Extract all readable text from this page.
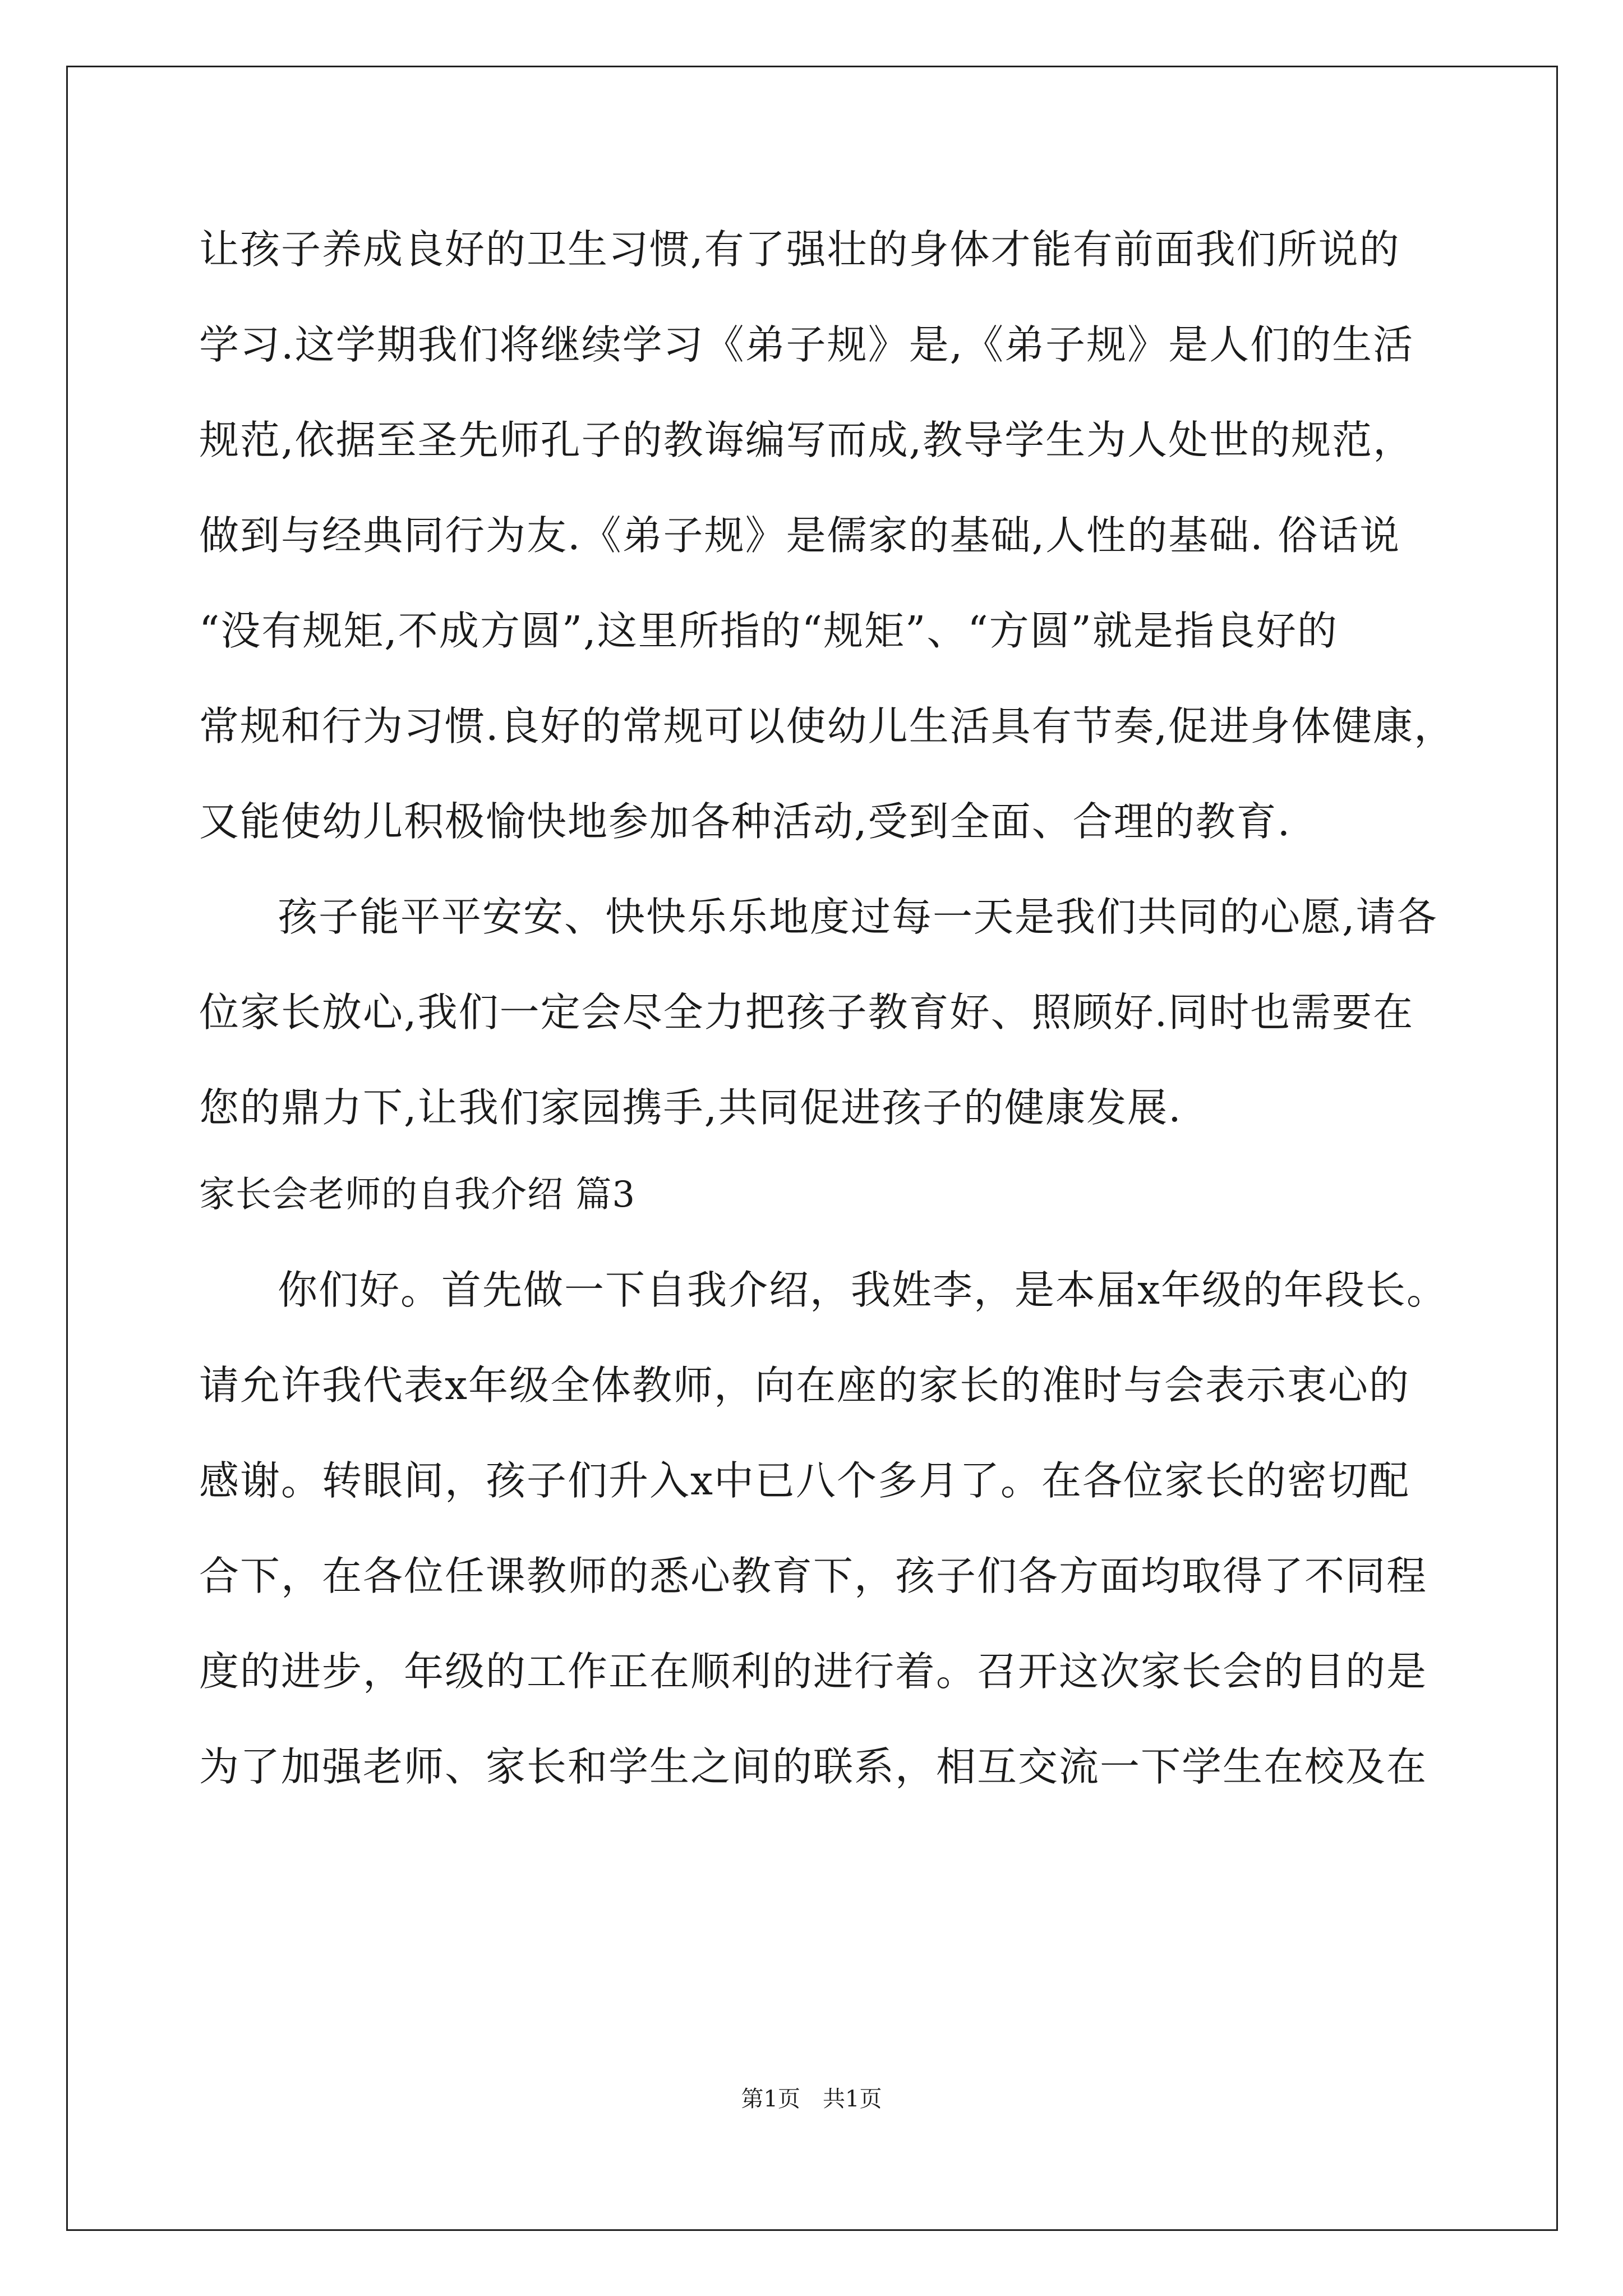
让孩子养成良好的卫生习惯,有了强壮的身体才能有前面我们所说的
学习.这学期我们将继续学习《弟子规》是,《弟子规》是人们的生活
规范,依据至圣先师孔子的教诲编写而成,教导学生为人处世的规范，
做到与经典同行为友.《弟子规》是儒家的基础,人性的基础. 俗话说
“没有规矩,不成方圆”,这里所指的“规矩”、“方圆”就是指良好的
常规和行为习惯.良好的常规可以使幼儿生活具有节奏,促进身体健康，
又能使幼儿积极愉快地参加各种活动,受到全面、合理的教育.
孩子能平平安安、快快乐乐地度过每一天是我们共同的心愿,请各
位家长放心,我们一定会尽全力把孩子教育好、照顾好.同时也需要在
您的鼎力下,让我们家园携手,共同促进孩子的健康发展.
家长会老师的自我介绍 篇3
你们好。首先做一下自我介绍，我姓李，是本届x年级的年段长。
请允许我代表x年级全体教师，向在座的家长的准时与会表示衷心的
感谢。转眼间，孩子们升入x中已八个多月了。在各位家长的密切配
合下，在各位任课教师的悉心教育下，孩子们各方面均取得了不同程
度的进步，年级的工作正在顺利的进行着。召开这次家长会的目的是
为了加强老师、家长和学生之间的联系，相互交流一下学生在校及在
第1页 共1页
